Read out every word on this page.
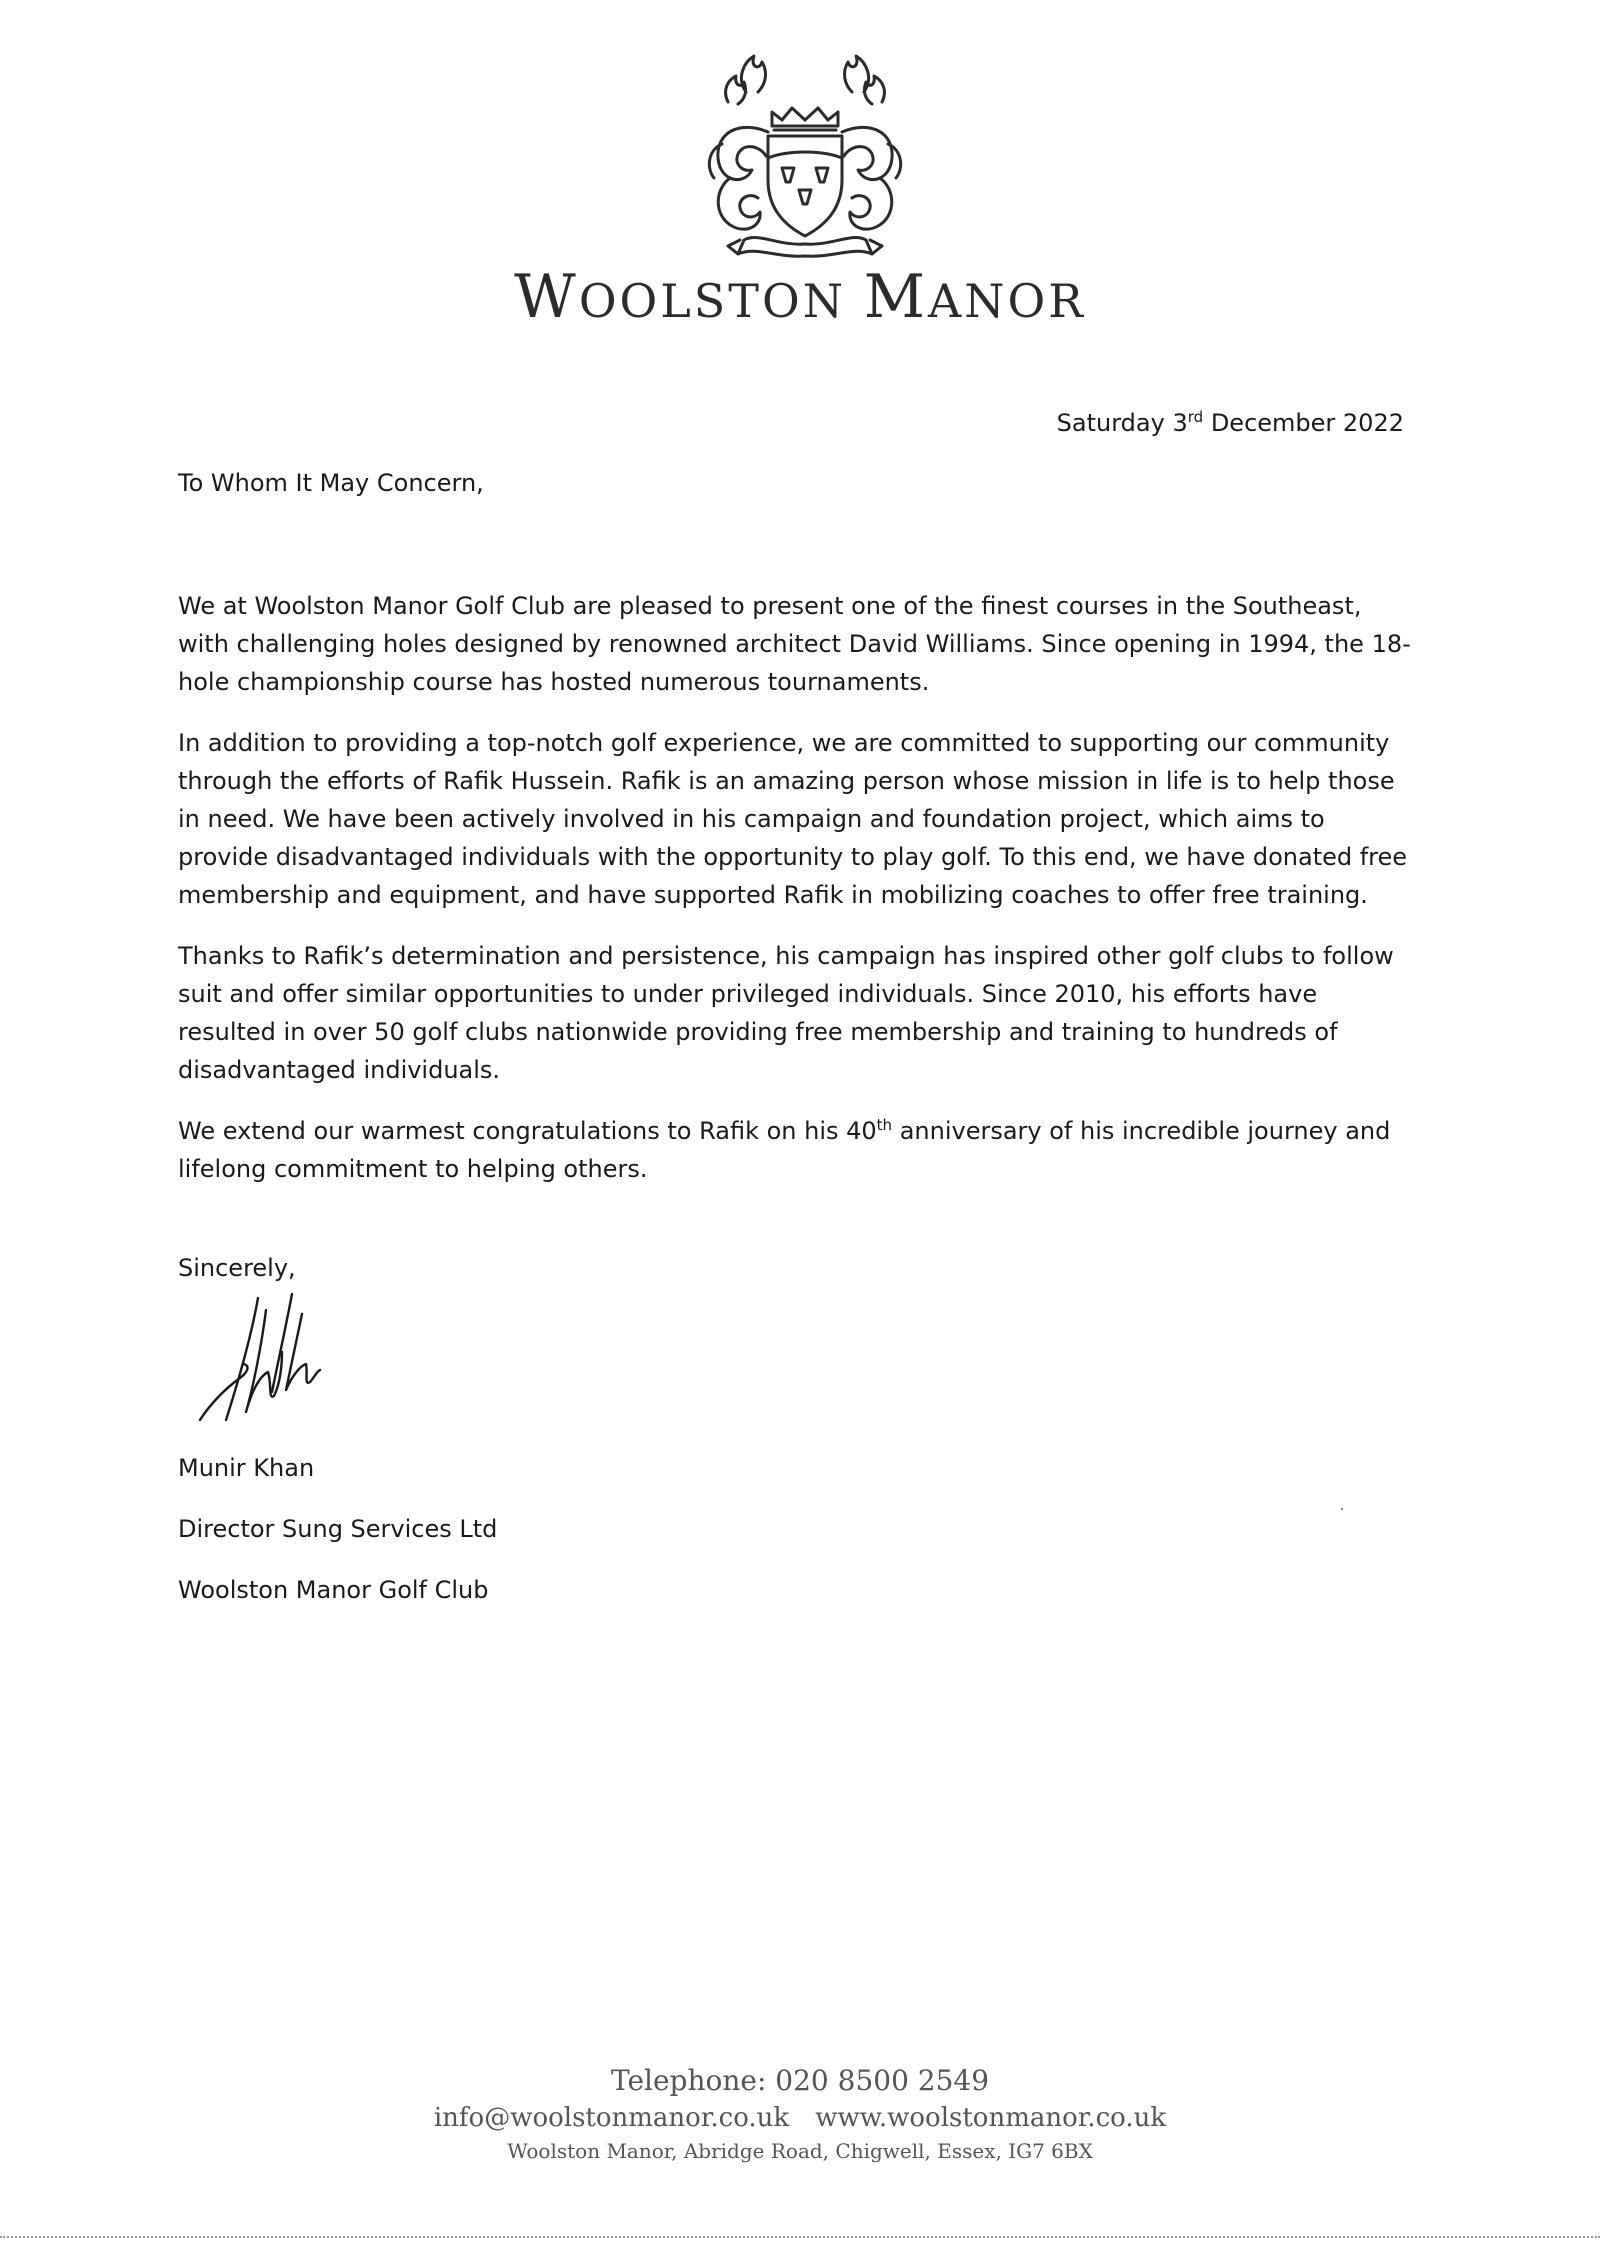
WOOLSTON MANOR
Saturday 3rd December 2022
To Whom It May Concern,

We at Woolston Manor Golf Club are pleased to present one of the finest courses in the Southeast, with challenging holes designed by renowned architect David Williams. Since opening in 1994, the 18-hole championship course has hosted numerous tournaments.

In addition to providing a top-notch golf experience, we are committed to supporting our community through the efforts of Rafik Hussein. Rafik is an amazing person whose mission in life is to help those in need. We have been actively involved in his campaign and foundation project, which aims to provide disadvantaged individuals with the opportunity to play golf. To this end, we have donated free membership and equipment, and have supported Rafik in mobilizing coaches to offer free training.

Thanks to Rafik’s determination and persistence, his campaign has inspired other golf clubs to follow suit and offer similar opportunities to under privileged individuals. Since 2010, his efforts have resulted in over 50 golf clubs nationwide providing free membership and training to hundreds of disadvantaged individuals.

We extend our warmest congratulations to Rafik on his 40th anniversary of his incredible journey and lifelong commitment to helping others.

Sincerely,
Munir Khan
Director Sung Services Ltd
Woolston Manor Golf Club
Telephone: 020 8500 2549
info@woolstonmanor.co.uk www.woolstonmanor.co.uk
Woolston Manor, Abridge Road, Chigwell, Essex, IG7 6BX
